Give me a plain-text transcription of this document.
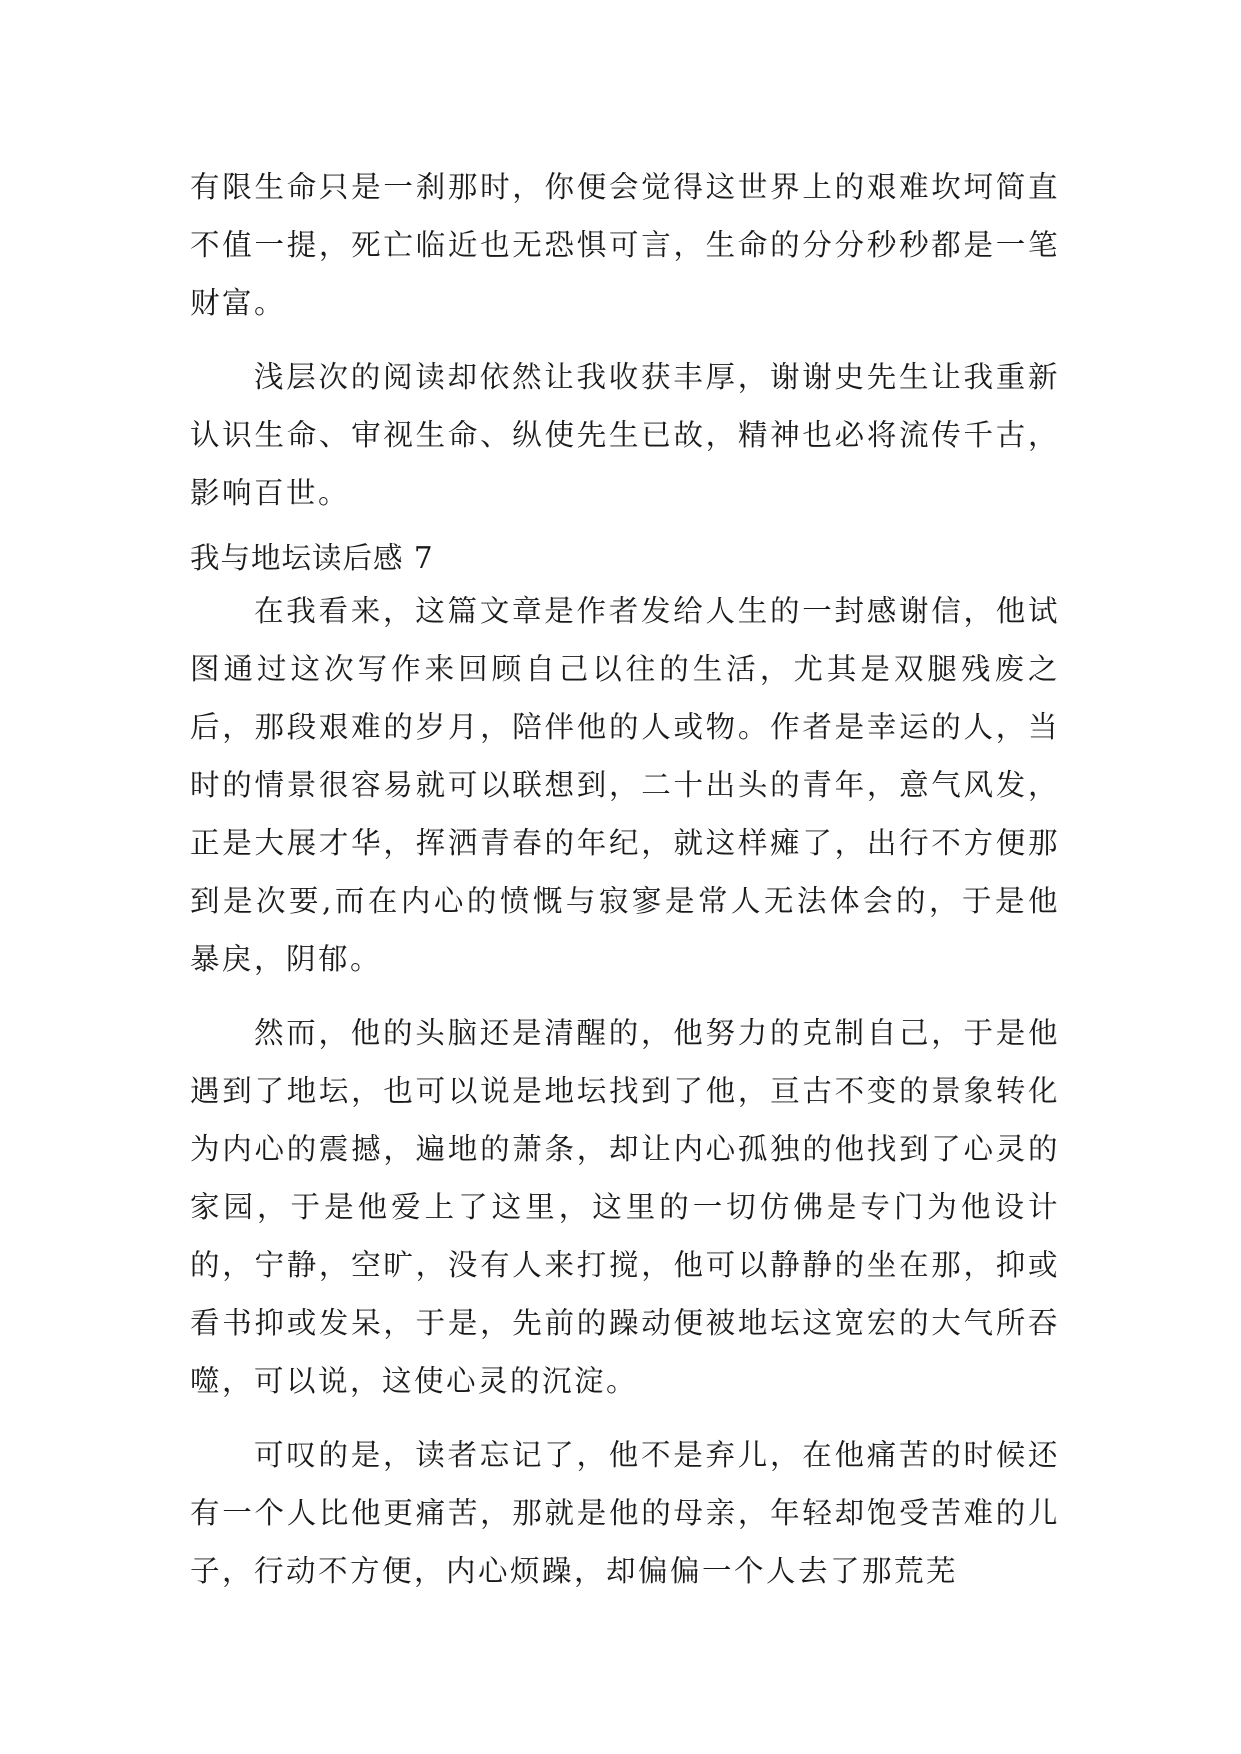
有限生命只是一刹那时，你便会觉得这世界上的艰难坎坷简直不值一提，死亡临近也无恐惧可言，生命的分分秒秒都是一笔财富。

浅层次的阅读却依然让我收获丰厚，谢谢史先生让我重新认识生命、审视生命、纵使先生已故，精神也必将流传千古，影响百世。

我与地坛读后感 7

在我看来，这篇文章是作者发给人生的一封感谢信，他试图通过这次写作来回顾自己以往的生活，尤其是双腿残废之后，那段艰难的岁月，陪伴他的人或物。作者是幸运的人，当时的情景很容易就可以联想到，二十出头的青年，意气风发，正是大展才华，挥洒青春的年纪，就这样瘫了，出行不方便那到是次要,而在内心的愤慨与寂寥是常人无法体会的，于是他暴戾，阴郁。

然而，他的头脑还是清醒的，他努力的克制自己，于是他遇到了地坛，也可以说是地坛找到了他，亘古不变的景象转化为内心的震撼，遍地的萧条，却让内心孤独的他找到了心灵的家园，于是他爱上了这里，这里的一切仿佛是专门为他设计的，宁静，空旷，没有人来打搅，他可以静静的坐在那，抑或看书抑或发呆，于是，先前的躁动便被地坛这宽宏的大气所吞噬，可以说，这使心灵的沉淀。

可叹的是，读者忘记了，他不是弃儿，在他痛苦的时候还有一个人比他更痛苦，那就是他的母亲，年轻却饱受苦难的儿子，行动不方便，内心烦躁，却偏偏一个人去了那荒芜
